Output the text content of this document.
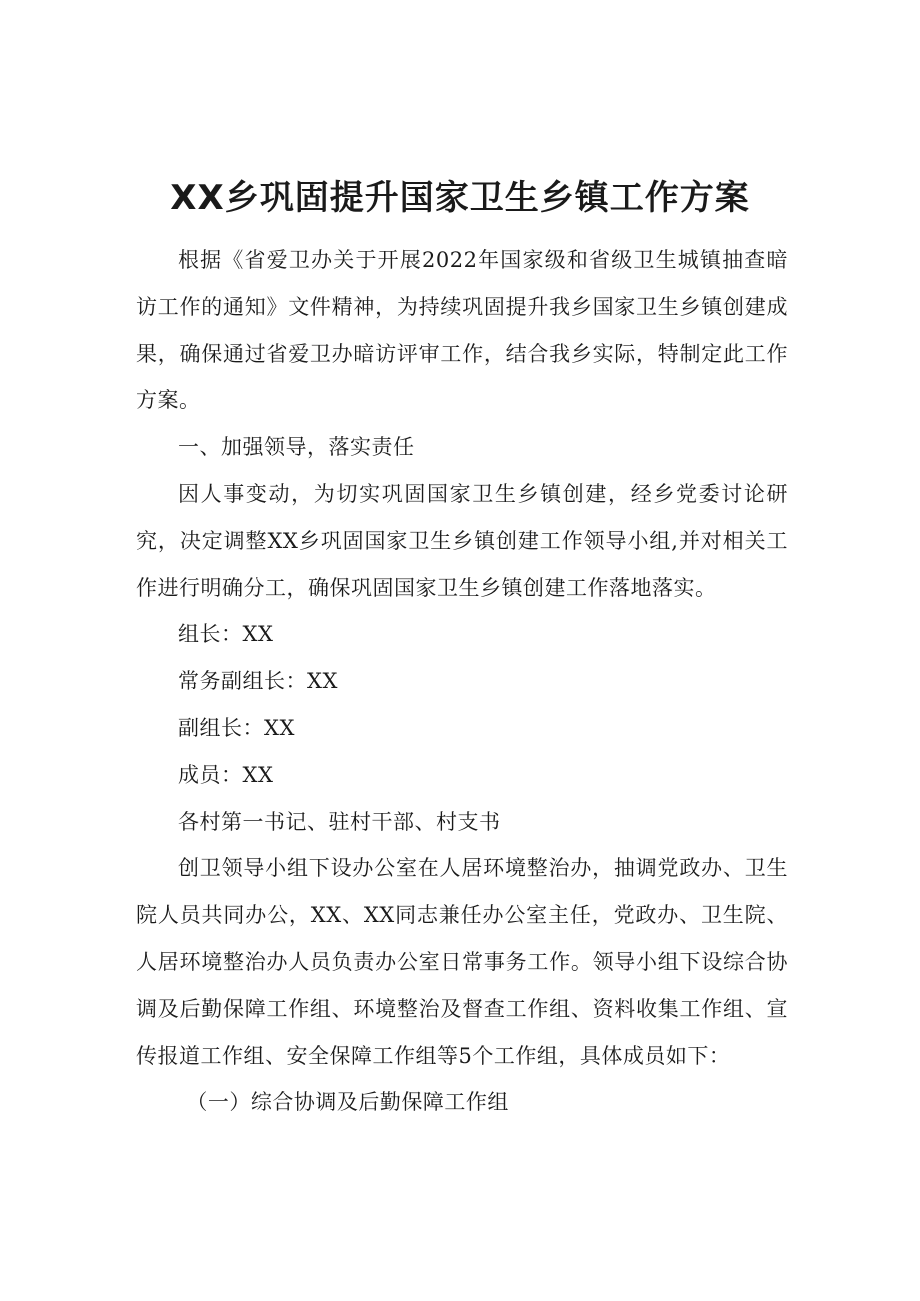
XX乡巩固提升国家卫生乡镇工作方案

根据《省爱卫办关于开展2022年国家级和省级卫生城镇抽查暗访工作的通知》文件精神，为持续巩固提升我乡国家卫生乡镇创建成果，确保通过省爱卫办暗访评审工作，结合我乡实际，特制定此工作方案。

一、加强领导，落实责任

因人事变动，为切实巩固国家卫生乡镇创建，经乡党委讨论研究，决定调整XX乡巩固国家卫生乡镇创建工作领导小组,并对相关工作进行明确分工，确保巩固国家卫生乡镇创建工作落地落实。

组长：XX

常务副组长：XX

副组长：XX

成员：XX

各村第一书记、驻村干部、村支书

创卫领导小组下设办公室在人居环境整治办，抽调党政办、卫生院人员共同办公，XX、XX同志兼任办公室主任，党政办、卫生院、人居环境整治办人员负责办公室日常事务工作。领导小组下设综合协调及后勤保障工作组、环境整治及督查工作组、资料收集工作组、宣传报道工作组、安全保障工作组等5个工作组，具体成员如下：

（一）综合协调及后勤保障工作组
